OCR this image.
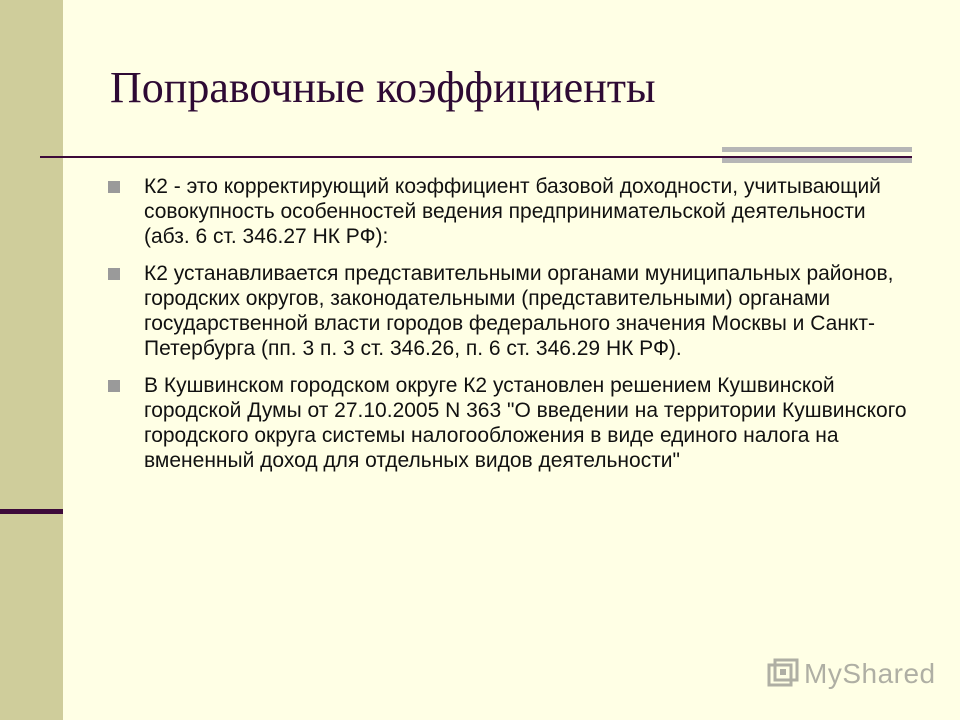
Поправочные коэффициенты
К2 - это корректирующий коэффициент базовой доходности, учитывающий совокупность особенностей ведения предпринимательской деятельности (абз. 6 ст. 346.27 НК РФ):
К2 устанавливается представительными органами муниципальных районов, городских округов, законодательными (представительными) органами государственной власти городов федерального значения Москвы и Санкт-Петербурга (пп. 3 п. 3 ст. 346.26, п. 6 ст. 346.29 НК РФ).
В Кушвинском городском округе К2 установлен решением Кушвинской городской Думы от 27.10.2005 N 363 "О введении на территории Кушвинского городского округа системы налогообложения в виде единого налога на вмененный доход для отдельных видов деятельности"
MyShared
